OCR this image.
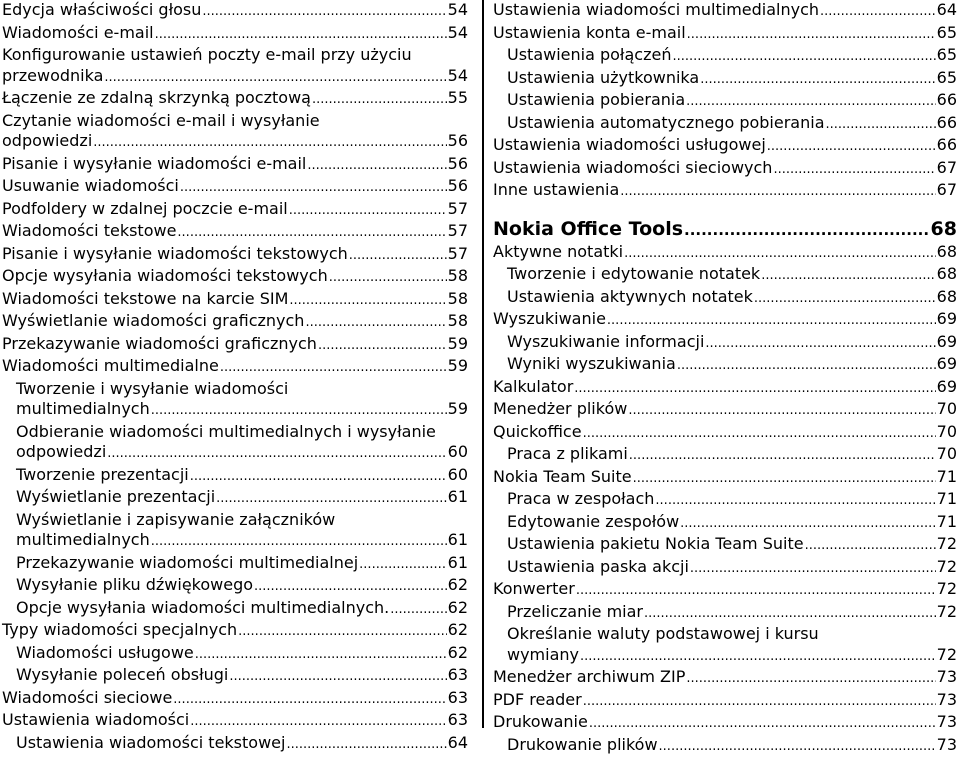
Edycja właściwości głosu .....	54
Wiadomości e-mail .....	54
Konfigurowanie ustawień poczty e-mail przy użyciu
przewodnika .....	54
Łączenie ze zdalną skrzynką pocztową .....	55
Czytanie wiadomości e-mail i wysyłanie
odpowiedzi .....	56
Pisanie i wysyłanie wiadomości e-mail .....	56
Usuwanie wiadomości .....	56
Podfoldery w zdalnej poczcie e-mail .....	57
Wiadomości tekstowe .....	57
Pisanie i wysyłanie wiadomości tekstowych .....	57
Opcje wysyłania wiadomości tekstowych .....	58
Wiadomości tekstowe na karcie SIM .....	58
Wyświetlanie wiadomości graficznych .....	58
Przekazywanie wiadomości graficznych .....	59
Wiadomości multimedialne .....	59
Tworzenie i wysyłanie wiadomości
multimedialnych .....	59
Odbieranie wiadomości multimedialnych i wysyłanie
odpowiedzi .....	60
Tworzenie prezentacji .....	60
Wyświetlanie prezentacji .....	61
Wyświetlanie i zapisywanie załączników
multimedialnych .....	61
Przekazywanie wiadomości multimedialnej .....	61
Wysyłanie pliku dźwiękowego .....	62
Opcje wysyłania wiadomości multimedialnych. .....	62
Typy wiadomości specjalnych .....	62
Wiadomości usługowe .....	62
Wysyłanie poleceń obsługi .....	63
Wiadomości sieciowe .....	63
Ustawienia wiadomości .....	63
Ustawienia wiadomości tekstowej .....	64
Ustawienia wiadomości multimedialnych .....	64
Ustawienia konta e-mail .....	65
Ustawienia połączeń .....	65
Ustawienia użytkownika .....	65
Ustawienia pobierania .....	66
Ustawienia automatycznego pobierania .....	66
Ustawienia wiadomości usługowej .....	66
Ustawienia wiadomości sieciowych .....	67
Inne ustawienia .....	67
Nokia Office Tools .....	68
Aktywne notatki .....	68
Tworzenie i edytowanie notatek .....	68
Ustawienia aktywnych notatek .....	68
Wyszukiwanie .....	69
Wyszukiwanie informacji .....	69
Wyniki wyszukiwania .....	69
Kalkulator .....	69
Menedżer plików .....	70
Quickoffice .....	70
Praca z plikami .....	70
Nokia Team Suite .....	71
Praca w zespołach .....	71
Edytowanie zespołów .....	71
Ustawienia pakietu Nokia Team Suite .....	72
Ustawienia paska akcji .....	72
Konwerter .....	72
Przeliczanie miar .....	72
Określanie waluty podstawowej i kursu
wymiany .....	72
Menedżer archiwum ZIP .....	73
PDF reader .....	73
Drukowanie .....	73
Drukowanie plików .....	73
